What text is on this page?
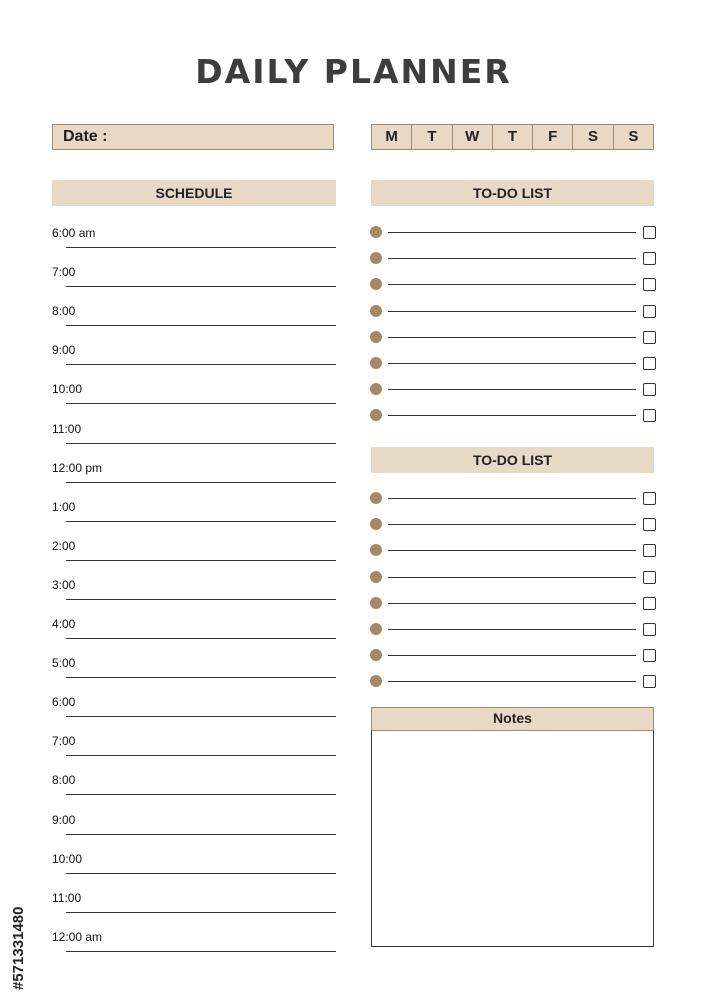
DAILY PLANNER
Date :	M	T	W	T	F	S	S
SCHEDULE
6:00 am
7:00
8:00
9:00
10:00
11:00
12:00 pm
1:00
2:00
3:00
4:00
5:00
6:00
7:00
8:00
9:00
10:00
11:00
12:00 am
TO-DO LIST
TO-DO LIST
Notes
#571331480
